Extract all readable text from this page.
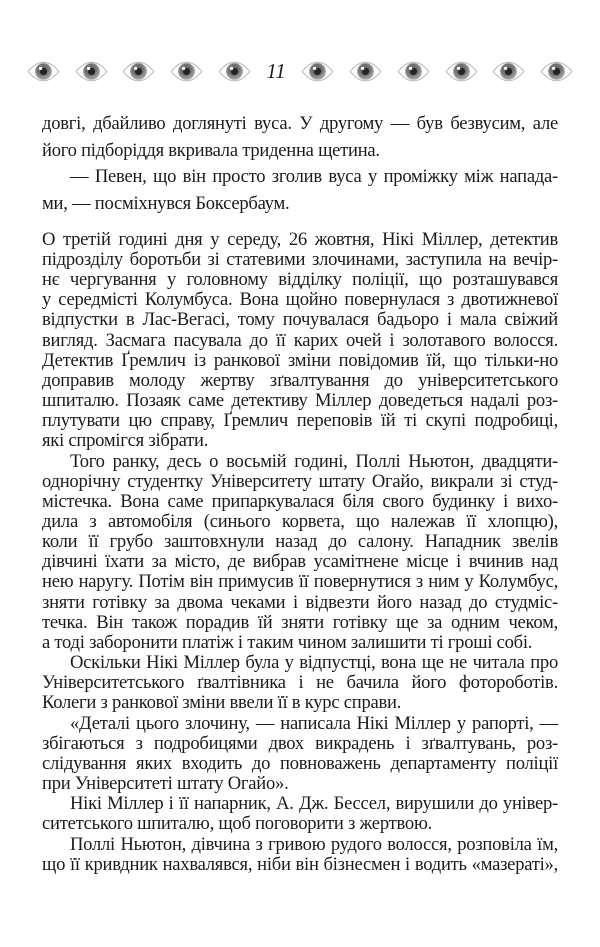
11
довгі, дбайливо доглянуті вуса. У другому — був безвусим, але
його підборіддя вкривала триденна щетина.
— Певен, що він просто зголив вуса у проміжку між напада-
ми, — посміхнувся Боксербаум.
О третій годині дня у середу, 26 жовтня, Нікі Міллер, детектив
підрозділу боротьби зі статевими злочинами, заступила на вечір-
нє чергування у головному відділку поліції, що розташувався
у середмісті Колумбуса. Вона щойно повернулася з двотижневої
відпустки в Лас-Вегасі, тому почувалася бадьоро і мала свіжий
вигляд. Засмага пасувала до її карих очей і золотавого волосся.
Детектив Ґремлич із ранкової зміни повідомив їй, що тільки-но
доправив молоду жертву зґвалтування до університетського
шпиталю. Позаяк саме детективу Міллер доведеться надалі роз-
плутувати цю справу, Ґремлич переповів їй ті скупі подробиці,
які спромігся зібрати.
Того ранку, десь о восьмій годині, Поллі Ньютон, двадцяти-
однорічну студентку Університету штату Огайо, викрали зі студ-
містечка. Вона саме припаркувалася біля свого будинку і вихо-
дила з автомобіля (синього корвета, що належав її хлопцю),
коли її грубо заштовхнули назад до салону. Нападник звелів
дівчині їхати за місто, де вибрав усамітнене місце і вчинив над
нею наругу. Потім він примусив її повернутися з ним у Колумбус,
зняти готівку за двома чеками і відвезти його назад до студміс-
течка. Він також порадив їй зняти готівку ще за одним чеком,
а тоді заборонити платіж і таким чином залишити ті гроші собі.
Оскільки Нікі Міллер була у відпустці, вона ще не читала про
Університетського ґвалтівника і не бачила його фотороботів.
Колеги з ранкової зміни ввели її в курс справи.
«Деталі цього злочину, — написала Нікі Міллер у рапорті, —
збігаються з подробицями двох викрадень і зґвалтувань, роз-
слідування яких входить до повноважень департаменту поліції
при Університеті штату Огайо».
Нікі Міллер і її напарник, А. Дж. Бессел, вирушили до універ-
ситетського шпиталю, щоб поговорити з жертвою.
Поллі Ньютон, дівчина з гривою рудого волосся, розповіла їм,
що її кривдник нахвалявся, ніби він бізнесмен і водить «мазераті»,
